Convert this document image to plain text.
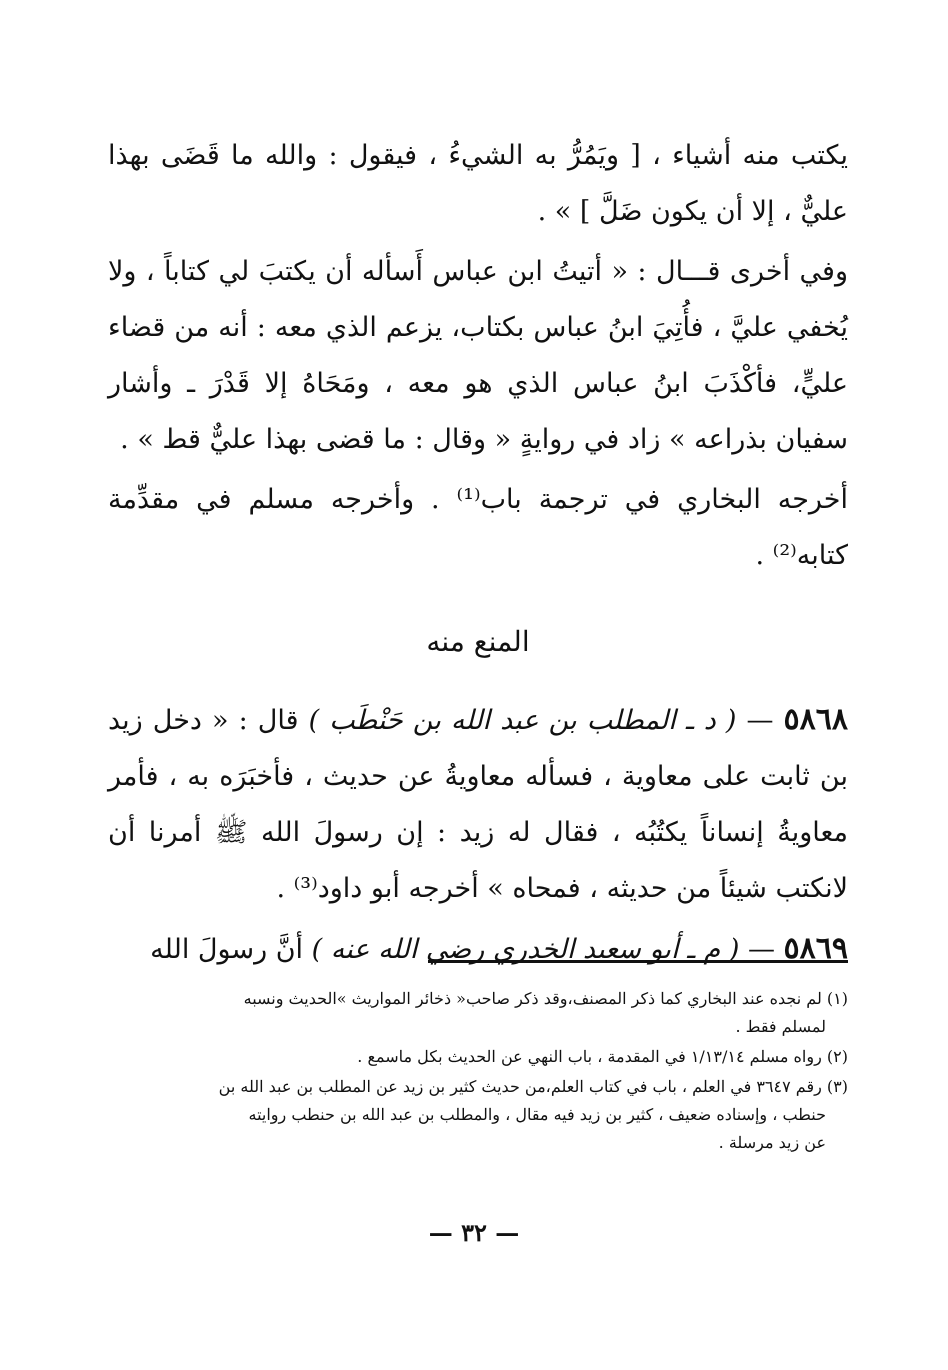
يكتب منه أشياء ، [ ويَمُرُّ به الشيءُ ، فيقول : والله ما قَضَى بهذا عليٌّ ، إلا أن يكون ضَلَّ ] » .

وفي أخرى قـــال : « أتيتُ ابن عباس أَسأله أن يكتبَ لي كتاباً ، ولا يُخفي عليَّ ، فأُتِيَ ابنُ عباس بكتاب، يزعم الذي معه : أنه من قضاء عليٍّ، فأكْذَبَ ابنُ عباس الذي هو معه ، ومَحَاهُ إلا قَدْرَ ـ وأشار سفيان بذراعه » زاد في روايةٍ « وقال : ما قضى بهذا عليٌّ قط » .

أخرجه البخاري في ترجمة باب⁽¹⁾ . وأخرجه مسلم في مقدِّمة كتابه⁽²⁾ .

المنع منه

٥٨٦٨ — ( د ـ المطلب بن عبد الله بن حَنْطَب ) قال : « دخل زيد بن ثابت على معاوية ، فسأله معاويةُ عن حديث ، فأخبَرَه به ، فأمر معاويةُ إنساناً يكتُبُه ، فقال له زيد : إن رسولَ الله ﷺ أمرنا أن لانكتب شيئاً من حديثه ، فمحاه » أخرجه أبو داود⁽³⁾ .

٥٨٦٩ — ( م ـ أبو سعيد الخدري رضي الله عنه ) أنَّ رسولَ الله

(١) لم نجده عند البخاري كما ذكر المصنف،وقد ذكر صاحب« ذخائر المواريث »الحديث ونسبه
لمسلم فقط .
(٢) رواه مسلم ١/١٣/١٤ في المقدمة ، باب النهي عن الحديث بكل ماسمع .
(٣) رقم ٣٦٤٧ في العلم ، باب في كتاب العلم،من حديث كثير بن زيد عن المطلب بن عبد الله بن
حنطب ، وإسناده ضعيف ، كثير بن زيد فيه مقال ، والمطلب بن عبد الله بن حنطب روايته
عن زيد مرسلة .
— ٣٢ —
